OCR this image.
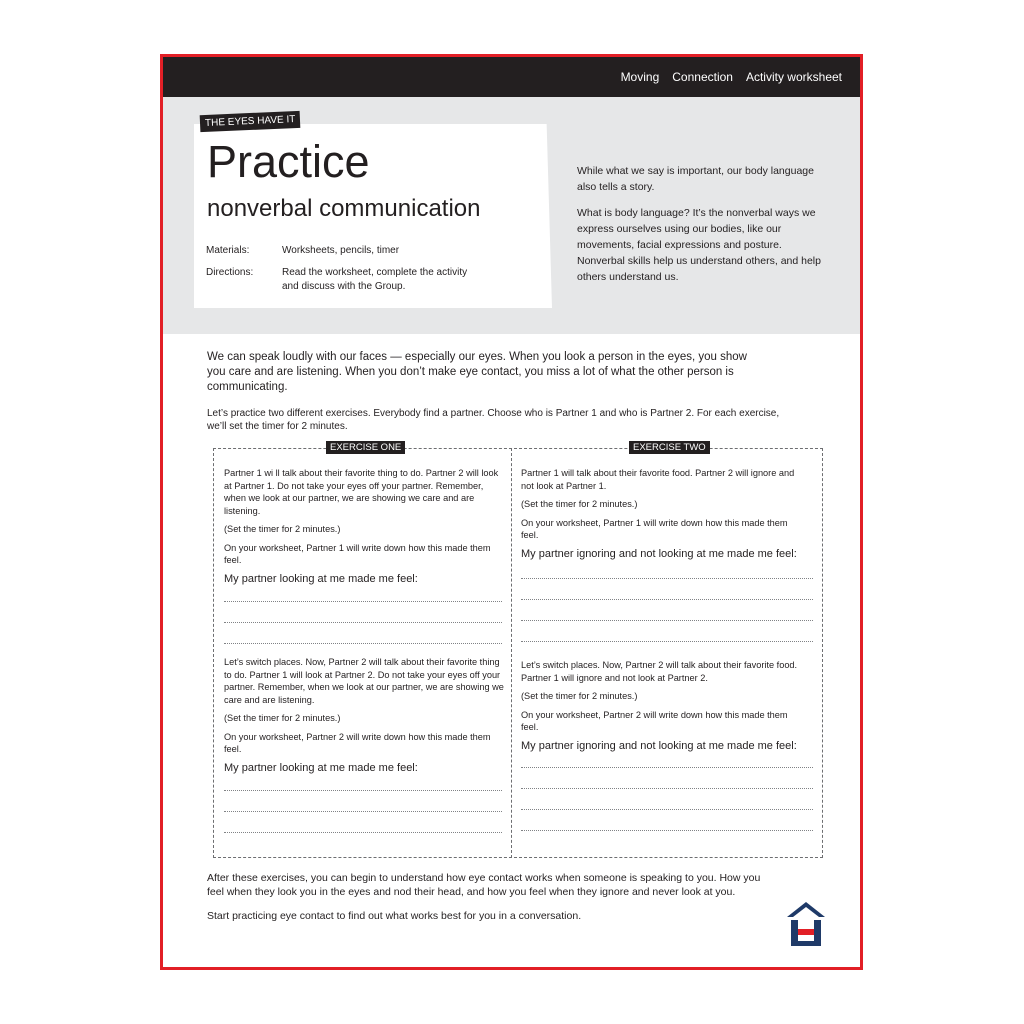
Moving Connection Activity worksheet
THE EYES HAVE IT
Practice
nonverbal communication
Materials:	Worksheets, pencils, timer
Directions:	Read the worksheet, complete the activity and discuss with the Group.

While what we say is important, our body language also tells a story.

What is body language? It’s the nonverbal ways we express ourselves using our bodies, like our movements, facial expressions and posture. Nonverbal skills help us understand others, and help others understand us.

We can speak loudly with our faces — especially our eyes. When you look a person in the eyes, you show you care and are listening. When you don’t make eye contact, you miss a lot of what the other person is communicating.

Let’s practice two different exercises. Everybody find a partner. Choose who is Partner 1 and who is Partner 2. For each exercise, we’ll set the timer for 2 minutes.

EXERCISE ONE	EXERCISE TWO

Partner 1 wi ll talk about their favorite thing to do. Partner 2 will look at Partner 1. Do not take your eyes off your partner. Remember, when we look at our partner, we are showing we care and are listening.

(Set the timer for 2 minutes.)

On your worksheet, Partner 1 will write down how this made them feel.

My partner looking at me made me feel:

Let’s switch places. Now, Partner 2 will talk about their favorite thing to do. Partner 1 will look at Partner 2. Do not take your eyes off your partner. Remember, when we look at our partner, we are showing we care and are listening.

(Set the timer for 2 minutes.)

On your worksheet, Partner 2 will write down how this made them feel.

My partner looking at me made me feel:

Partner 1 will talk about their favorite food. Partner 2 will ignore and not look at Partner 1.

(Set the timer for 2 minutes.)

On your worksheet, Partner 1 will write down how this made them feel.

My partner ignoring and not looking at me made me feel:

Let’s switch places. Now, Partner 2 will talk about their favorite food. Partner 1 will ignore and not look at Partner 2.

(Set the timer for 2 minutes.)

On your worksheet, Partner 2 will write down how this made them feel.

My partner ignoring and not looking at me made me feel:

After these exercises, you can begin to understand how eye contact works when someone is speaking to you. How you feel when they look you in the eyes and nod their head, and how you feel when they ignore and never look at you.

Start practicing eye contact to find out what works best for you in a conversation.
